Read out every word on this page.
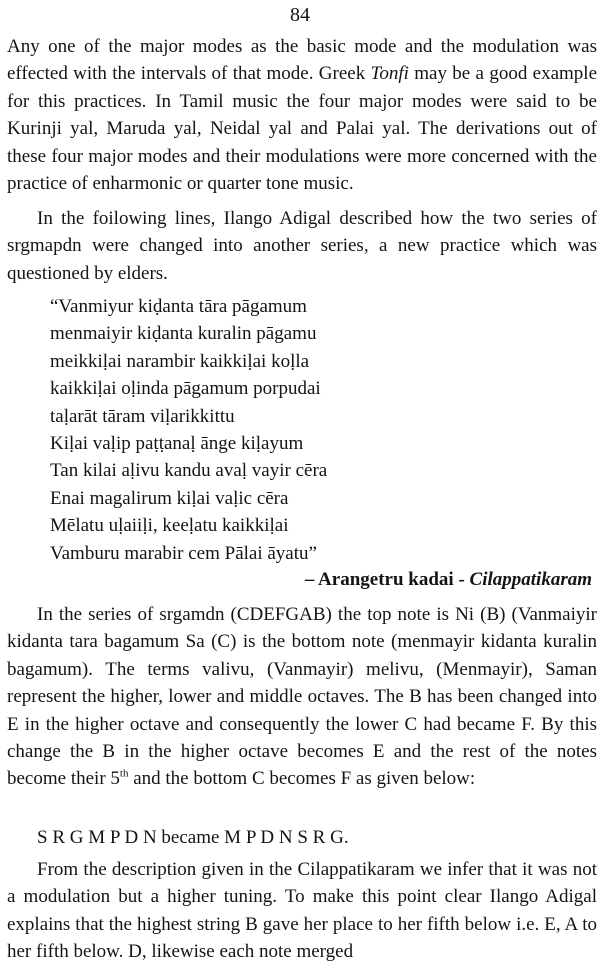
84
Any one of the major modes as the basic mode and the modulation was effected with the intervals of that mode. Greek Tonfi may be a good example for this practices. In Tamil music the four major modes were said to be Kurinji yal, Maruda yal, Neidal yal and Palai yal. The derivations out of these four major modes and their modulations were more concerned with the practice of enharmonic or quarter tone music.
In the foilowing lines, Ilango Adigal described how the two series of srgmapdn were changed into another series, a new practice which was questioned by elders.
“Vanmiyur kiḍanta tāra pāgamum
menmaiyir kiḍanta kuralin pāgamu
meikkiḷai narambir kaikkiḷai koḷla
kaikkiḷai oḷinda pāgamum porpudai
taḷarāt tāram viḷarikkittu
Kiḷai vaḷip paṭṭanaḷ ānge kiḷayum
Tan kilai aḷivu kandu avaḷ vayir cēra
Enai magalirum kiḷai vaḷic cēra
Mēlatu uḷaiiḷi, keeḷatu kaikkiḷai
Vamburu marabir cem Pālai āyatu”
– Arangetru kadai - Cilappatikaram
In the series of srgamdn (CDEFGAB) the top note is Ni (B) (Vanmaiyir kidanta tara bagamum Sa (C) is the bottom note (menmayir kidanta kuralin bagamum). The terms valivu, (Vanmayir) melivu, (Menmayir), Saman represent the higher, lower and middle octaves. The B has been changed into E in the higher octave and consequently the lower C had became F. By this change the B in the higher octave becomes E and the rest of the notes become their 5th and the bottom C becomes F as given below:
S R G M P D N became M P D N S R G.
From the description given in the Cilappatikaram we infer that it was not a modulation but a higher tuning. To make this point clear Ilango Adigal explains that the highest string B gave her place to her fifth below i.e. E, A to her fifth below. D, likewise each note merged
